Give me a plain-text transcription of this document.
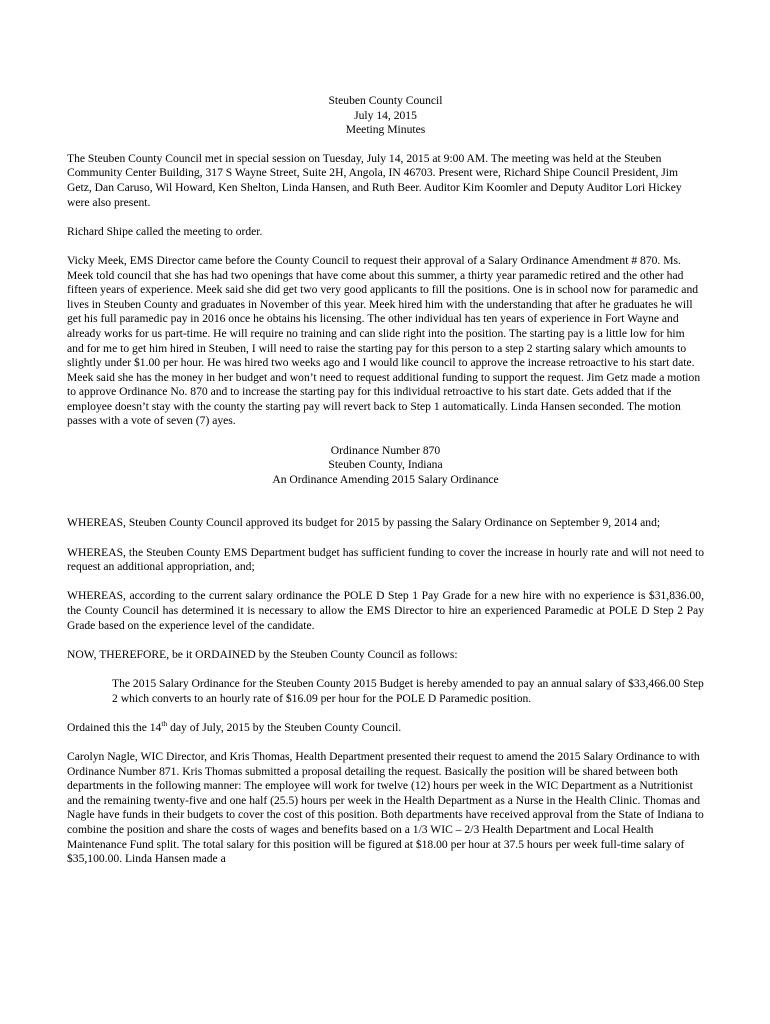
Steuben County Council
July 14, 2015
Meeting Minutes

The Steuben County Council met in special session on Tuesday, July 14, 2015 at 9:00 AM. The meeting was held at the Steuben Community Center Building, 317 S Wayne Street, Suite 2H, Angola, IN 46703. Present were, Richard Shipe Council President, Jim Getz, Dan Caruso, Wil Howard, Ken Shelton, Linda Hansen, and Ruth Beer. Auditor Kim Koomler and Deputy Auditor Lori Hickey were also present.

Richard Shipe called the meeting to order.

Vicky Meek, EMS Director came before the County Council to request their approval of a Salary Ordinance Amendment # 870. Ms. Meek told council that she has had two openings that have come about this summer, a thirty year paramedic retired and the other had fifteen years of experience. Meek said she did get two very good applicants to fill the positions. One is in school now for paramedic and lives in Steuben County and graduates in November of this year. Meek hired him with the understanding that after he graduates he will get his full paramedic pay in 2016 once he obtains his licensing. The other individual has ten years of experience in Fort Wayne and already works for us part-time. He will require no training and can slide right into the position. The starting pay is a little low for him and for me to get him hired in Steuben, I will need to raise the starting pay for this person to a step 2 starting salary which amounts to slightly under $1.00 per hour. He was hired two weeks ago and I would like council to approve the increase retroactive to his start date. Meek said she has the money in her budget and won’t need to request additional funding to support the request. Jim Getz made a motion to approve Ordinance No. 870 and to increase the starting pay for this individual retroactive to his start date. Gets added that if the employee doesn’t stay with the county the starting pay will revert back to Step 1 automatically. Linda Hansen seconded. The motion passes with a vote of seven (7) ayes.

Ordinance Number 870
Steuben County, Indiana
An Ordinance Amending 2015 Salary Ordinance

WHEREAS, Steuben County Council approved its budget for 2015 by passing the Salary Ordinance on September 9, 2014 and;

WHEREAS, the Steuben County EMS Department budget has sufficient funding to cover the increase in hourly rate and will not need to request an additional appropriation, and;

WHEREAS, according to the current salary ordinance the POLE D Step 1 Pay Grade for a new hire with no experience is $31,836.00, the County Council has determined it is necessary to allow the EMS Director to hire an experienced Paramedic at POLE D Step 2 Pay Grade based on the experience level of the candidate.

NOW, THEREFORE, be it ORDAINED by the Steuben County Council as follows:

The 2015 Salary Ordinance for the Steuben County 2015 Budget is hereby amended to pay an annual salary of $33,466.00 Step 2 which converts to an hourly rate of $16.09 per hour for the POLE D Paramedic position.

Ordained this the 14th day of July, 2015 by the Steuben County Council.

Carolyn Nagle, WIC Director, and Kris Thomas, Health Department presented their request to amend the 2015 Salary Ordinance to with Ordinance Number 871. Kris Thomas submitted a proposal detailing the request. Basically the position will be shared between both departments in the following manner: The employee will work for twelve (12) hours per week in the WIC Department as a Nutritionist and the remaining twenty-five and one half (25.5) hours per week in the Health Department as a Nurse in the Health Clinic. Thomas and Nagle have funds in their budgets to cover the cost of this position. Both departments have received approval from the State of Indiana to combine the position and share the costs of wages and benefits based on a 1/3 WIC – 2/3 Health Department and Local Health Maintenance Fund split. The total salary for this position will be figured at $18.00 per hour at 37.5 hours per week full-time salary of $35,100.00. Linda Hansen made a
